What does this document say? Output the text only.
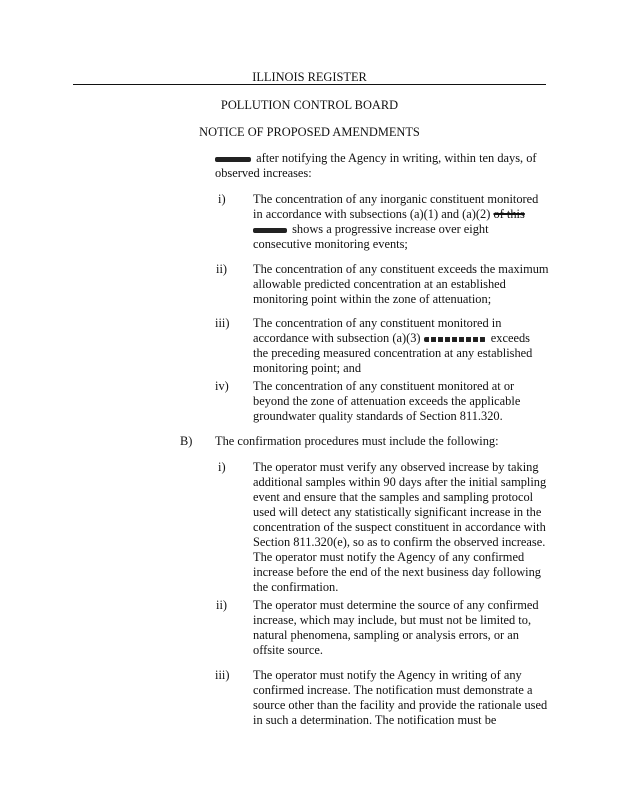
ILLINOIS REGISTER
POLLUTION CONTROL BOARD
NOTICE OF PROPOSED AMENDMENTS
after notifying the Agency in writing, within ten days, of
observed increases:
i) The concentration of any inorganic constituent monitored
in accordance with subsections (a)(1) and (a)(2) of this
shows a progressive increase over eight
consecutive monitoring events;
ii) The concentration of any constituent exceeds the maximum
allowable predicted concentration at an established
monitoring point within the zone of attenuation;
iii) The concentration of any constituent monitored in
accordance with subsection (a)(3)	exceeds
the preceding measured concentration at any established
monitoring point; and
iv) The concentration of any constituent monitored at or
beyond the zone of attenuation exceeds the applicable
groundwater quality standards of Section 811.320.
B) The confirmation procedures must include the following:
i) The operator must verify any observed increase by taking
additional samples within 90 days after the initial sampling
event and ensure that the samples and sampling protocol
used will detect any statistically significant increase in the
concentration of the suspect constituent in accordance with
Section 811.320(e), so as to confirm the observed increase.
The operator must notify the Agency of any confirmed
increase before the end of the next business day following
the confirmation.
ii) The operator must determine the source of any confirmed
increase, which may include, but must not be limited to,
natural phenomena, sampling or analysis errors, or an
offsite source.
iii) The operator must notify the Agency in writing of any
confirmed increase. The notification must demonstrate a
source other than the facility and provide the rationale used
in such a determination. The notification must be
